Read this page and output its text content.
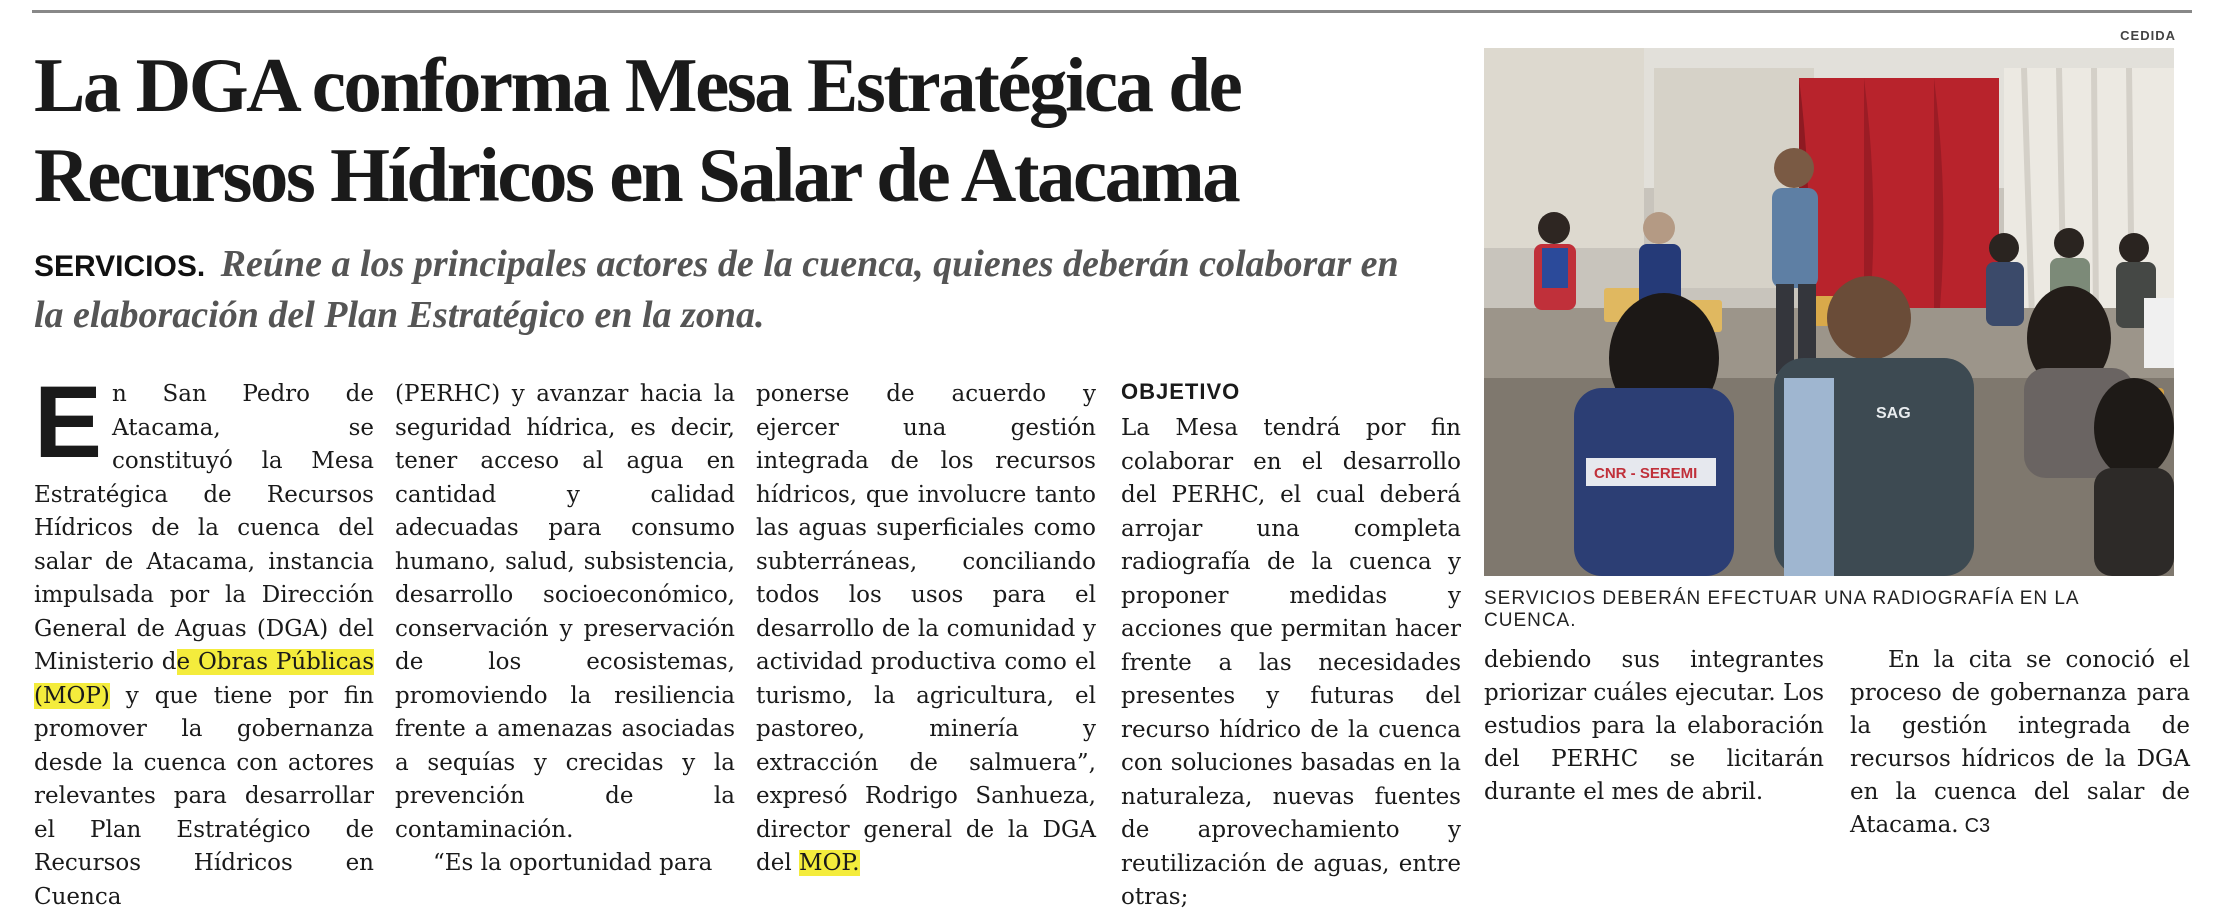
La DGA conforma Mesa Estratégica de Recursos Hídricos en Salar de Atacama

SERVICIOS. Reúne a los principales actores de la cuenca, quienes deberán colaborar en la elaboración del Plan Estratégico en la zona.

En San Pedro de Atacama, se constituyó la Mesa Estratégica de Recursos Hídricos de la cuenca del salar de Atacama, instancia impulsada por la Dirección General de Aguas (DGA) del Ministerio de Obras Públicas (MOP) y que tiene por fin promover la gobernanza desde la cuenca con actores relevantes para desarrollar el Plan Estratégico de Recursos Hídricos en Cuenca

(PERHC) y avanzar hacia la seguridad hídrica, es decir, tener acceso al agua en cantidad y calidad adecuadas para consumo humano, salud, subsistencia, desarrollo socioeconómico, conservación y preservación de los ecosistemas, promoviendo la resiliencia frente a amenazas asociadas a sequías y crecidas y la prevención de la contaminación.
“Es la oportunidad para

ponerse de acuerdo y ejercer una gestión integrada de los recursos hídricos, que involucre tanto las aguas superficiales como subterráneas, conciliando todos los usos para el desarrollo de la comunidad y actividad productiva como el turismo, la agricultura, el pastoreo, minería y extracción de salmuera”, expresó Rodrigo Sanhueza, director general de la DGA del MOP.

OBJETIVO
La Mesa tendrá por fin colaborar en el desarrollo del PERHC, el cual deberá arrojar una completa radiografía de la cuenca y proponer medidas y acciones que permitan hacer frente a las necesidades presentes y futuras del recurso hídrico de la cuenca con soluciones basadas en la naturaleza, nuevas fuentes de aprovechamiento y reutilización de aguas, entre otras;

debiendo sus integrantes priorizar cuáles ejecutar. Los estudios para la elaboración del PERHC se licitarán durante el mes de abril.

En la cita se conoció el proceso de gobernanza para la gestión integrada de recursos hídricos de la DGA en la cuenca del salar de Atacama. C3

CEDIDA
CNR - SEREMI
SAG
SERVICIOS DEBERÁN EFECTUAR UNA RADIOGRAFÍA EN LA CUENCA.
